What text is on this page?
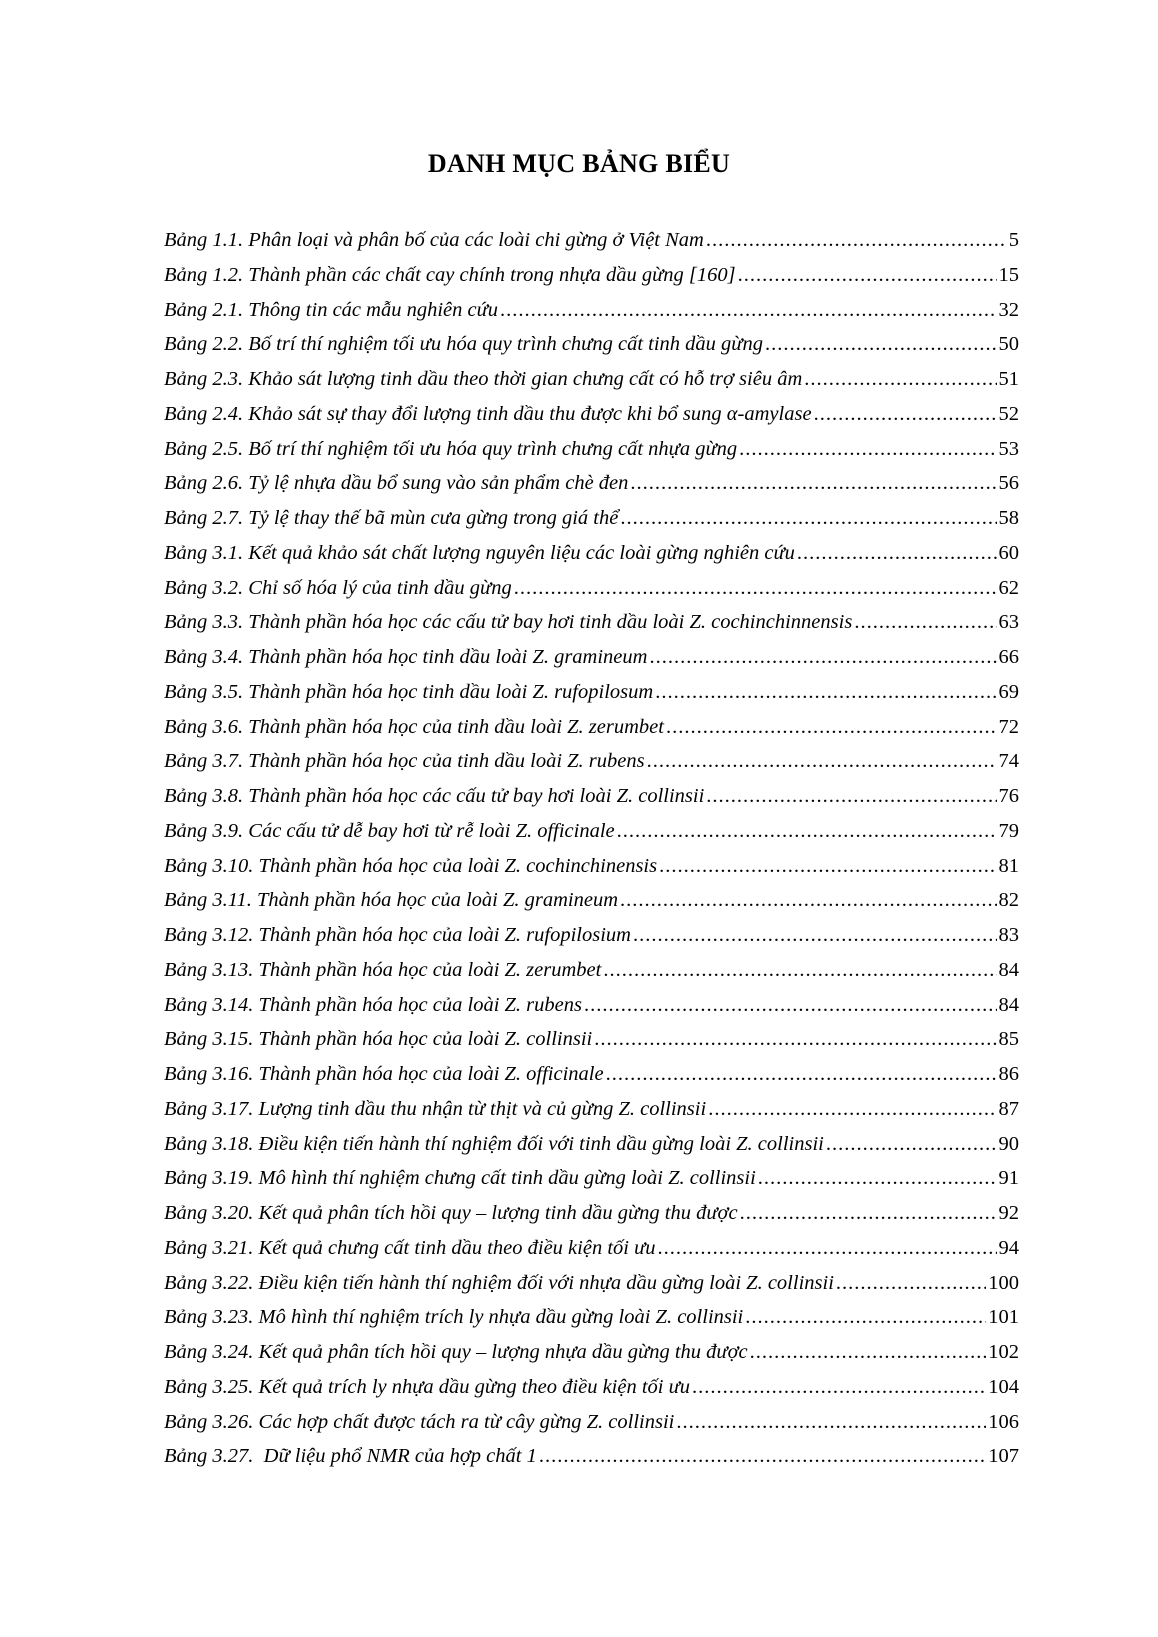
DANH MỤC BẢNG BIỂU
Bảng 1.1. Phân loại và phân bố của các loài chi gừng ở Việt Nam .....	5
Bảng 1.2. Thành phần các chất cay chính trong nhựa dầu gừng [160] .....	15
Bảng 2.1. Thông tin các mẫu nghiên cứu .....	32
Bảng 2.2. Bố trí thí nghiệm tối ưu hóa quy trình chưng cất tinh dầu gừng .....	50
Bảng 2.3. Khảo sát lượng tinh dầu theo thời gian chưng cất có hỗ trợ siêu âm .....	51
Bảng 2.4. Khảo sát sự thay đổi lượng tinh dầu thu được khi bổ sung α-amylase .....	52
Bảng 2.5. Bố trí thí nghiệm tối ưu hóa quy trình chưng cất nhựa gừng .....	53
Bảng 2.6. Tỷ lệ nhựa dầu bổ sung vào sản phẩm chè đen .....	56
Bảng 2.7. Tỷ lệ thay thế bã mùn cưa gừng trong giá thể .....	58
Bảng 3.1. Kết quả khảo sát chất lượng nguyên liệu các loài gừng nghiên cứu .....	60
Bảng 3.2. Chỉ số hóa lý của tinh dầu gừng .....	62
Bảng 3.3. Thành phần hóa học các cấu tử bay hơi tinh dầu loài Z. cochinchinnensis .....	63
Bảng 3.4. Thành phần hóa học tinh dầu loài Z. gramineum .....	66
Bảng 3.5. Thành phần hóa học tinh dầu loài Z. rufopilosum .....	69
Bảng 3.6. Thành phần hóa học của tinh dầu loài Z. zerumbet .....	72
Bảng 3.7. Thành phần hóa học của tinh dầu loài Z. rubens .....	74
Bảng 3.8. Thành phần hóa học các cấu tử bay hơi loài Z. collinsii .....	76
Bảng 3.9. Các cấu tử dễ bay hơi từ rễ loài Z. officinale .....	79
Bảng 3.10. Thành phần hóa học của loài Z. cochinchinensis .....	81
Bảng 3.11. Thành phần hóa học của loài Z. gramineum .....	82
Bảng 3.12. Thành phần hóa học của loài Z. rufopilosium .....	83
Bảng 3.13. Thành phần hóa học của loài Z. zerumbet .....	84
Bảng 3.14. Thành phần hóa học của loài Z. rubens .....	84
Bảng 3.15. Thành phần hóa học của loài Z. collinsii .....	85
Bảng 3.16. Thành phần hóa học của loài Z. officinale .....	86
Bảng 3.17. Lượng tinh dầu thu nhận từ thịt và củ gừng Z. collinsii .....	87
Bảng 3.18. Điều kiện tiến hành thí nghiệm đối với tinh dầu gừng loài Z. collinsii .....	90
Bảng 3.19. Mô hình thí nghiệm chưng cất tinh dầu gừng loài Z. collinsii .....	91
Bảng 3.20. Kết quả phân tích hồi quy – lượng tinh dầu gừng thu được .....	92
Bảng 3.21. Kết quả chưng cất tinh dầu theo điều kiện tối ưu .....	94
Bảng 3.22. Điều kiện tiến hành thí nghiệm đối với nhựa dầu gừng loài Z. collinsii .....	100
Bảng 3.23. Mô hình thí nghiệm trích ly nhựa dầu gừng loài Z. collinsii .....	101
Bảng 3.24. Kết quả phân tích hồi quy – lượng nhựa dầu gừng thu được .....	102
Bảng 3.25. Kết quả trích ly nhựa dầu gừng theo điều kiện tối ưu .....	104
Bảng 3.26. Các hợp chất được tách ra từ cây gừng Z. collinsii .....	106
Bảng 3.27.  Dữ liệu phổ NMR của hợp chất 1 .....	107
